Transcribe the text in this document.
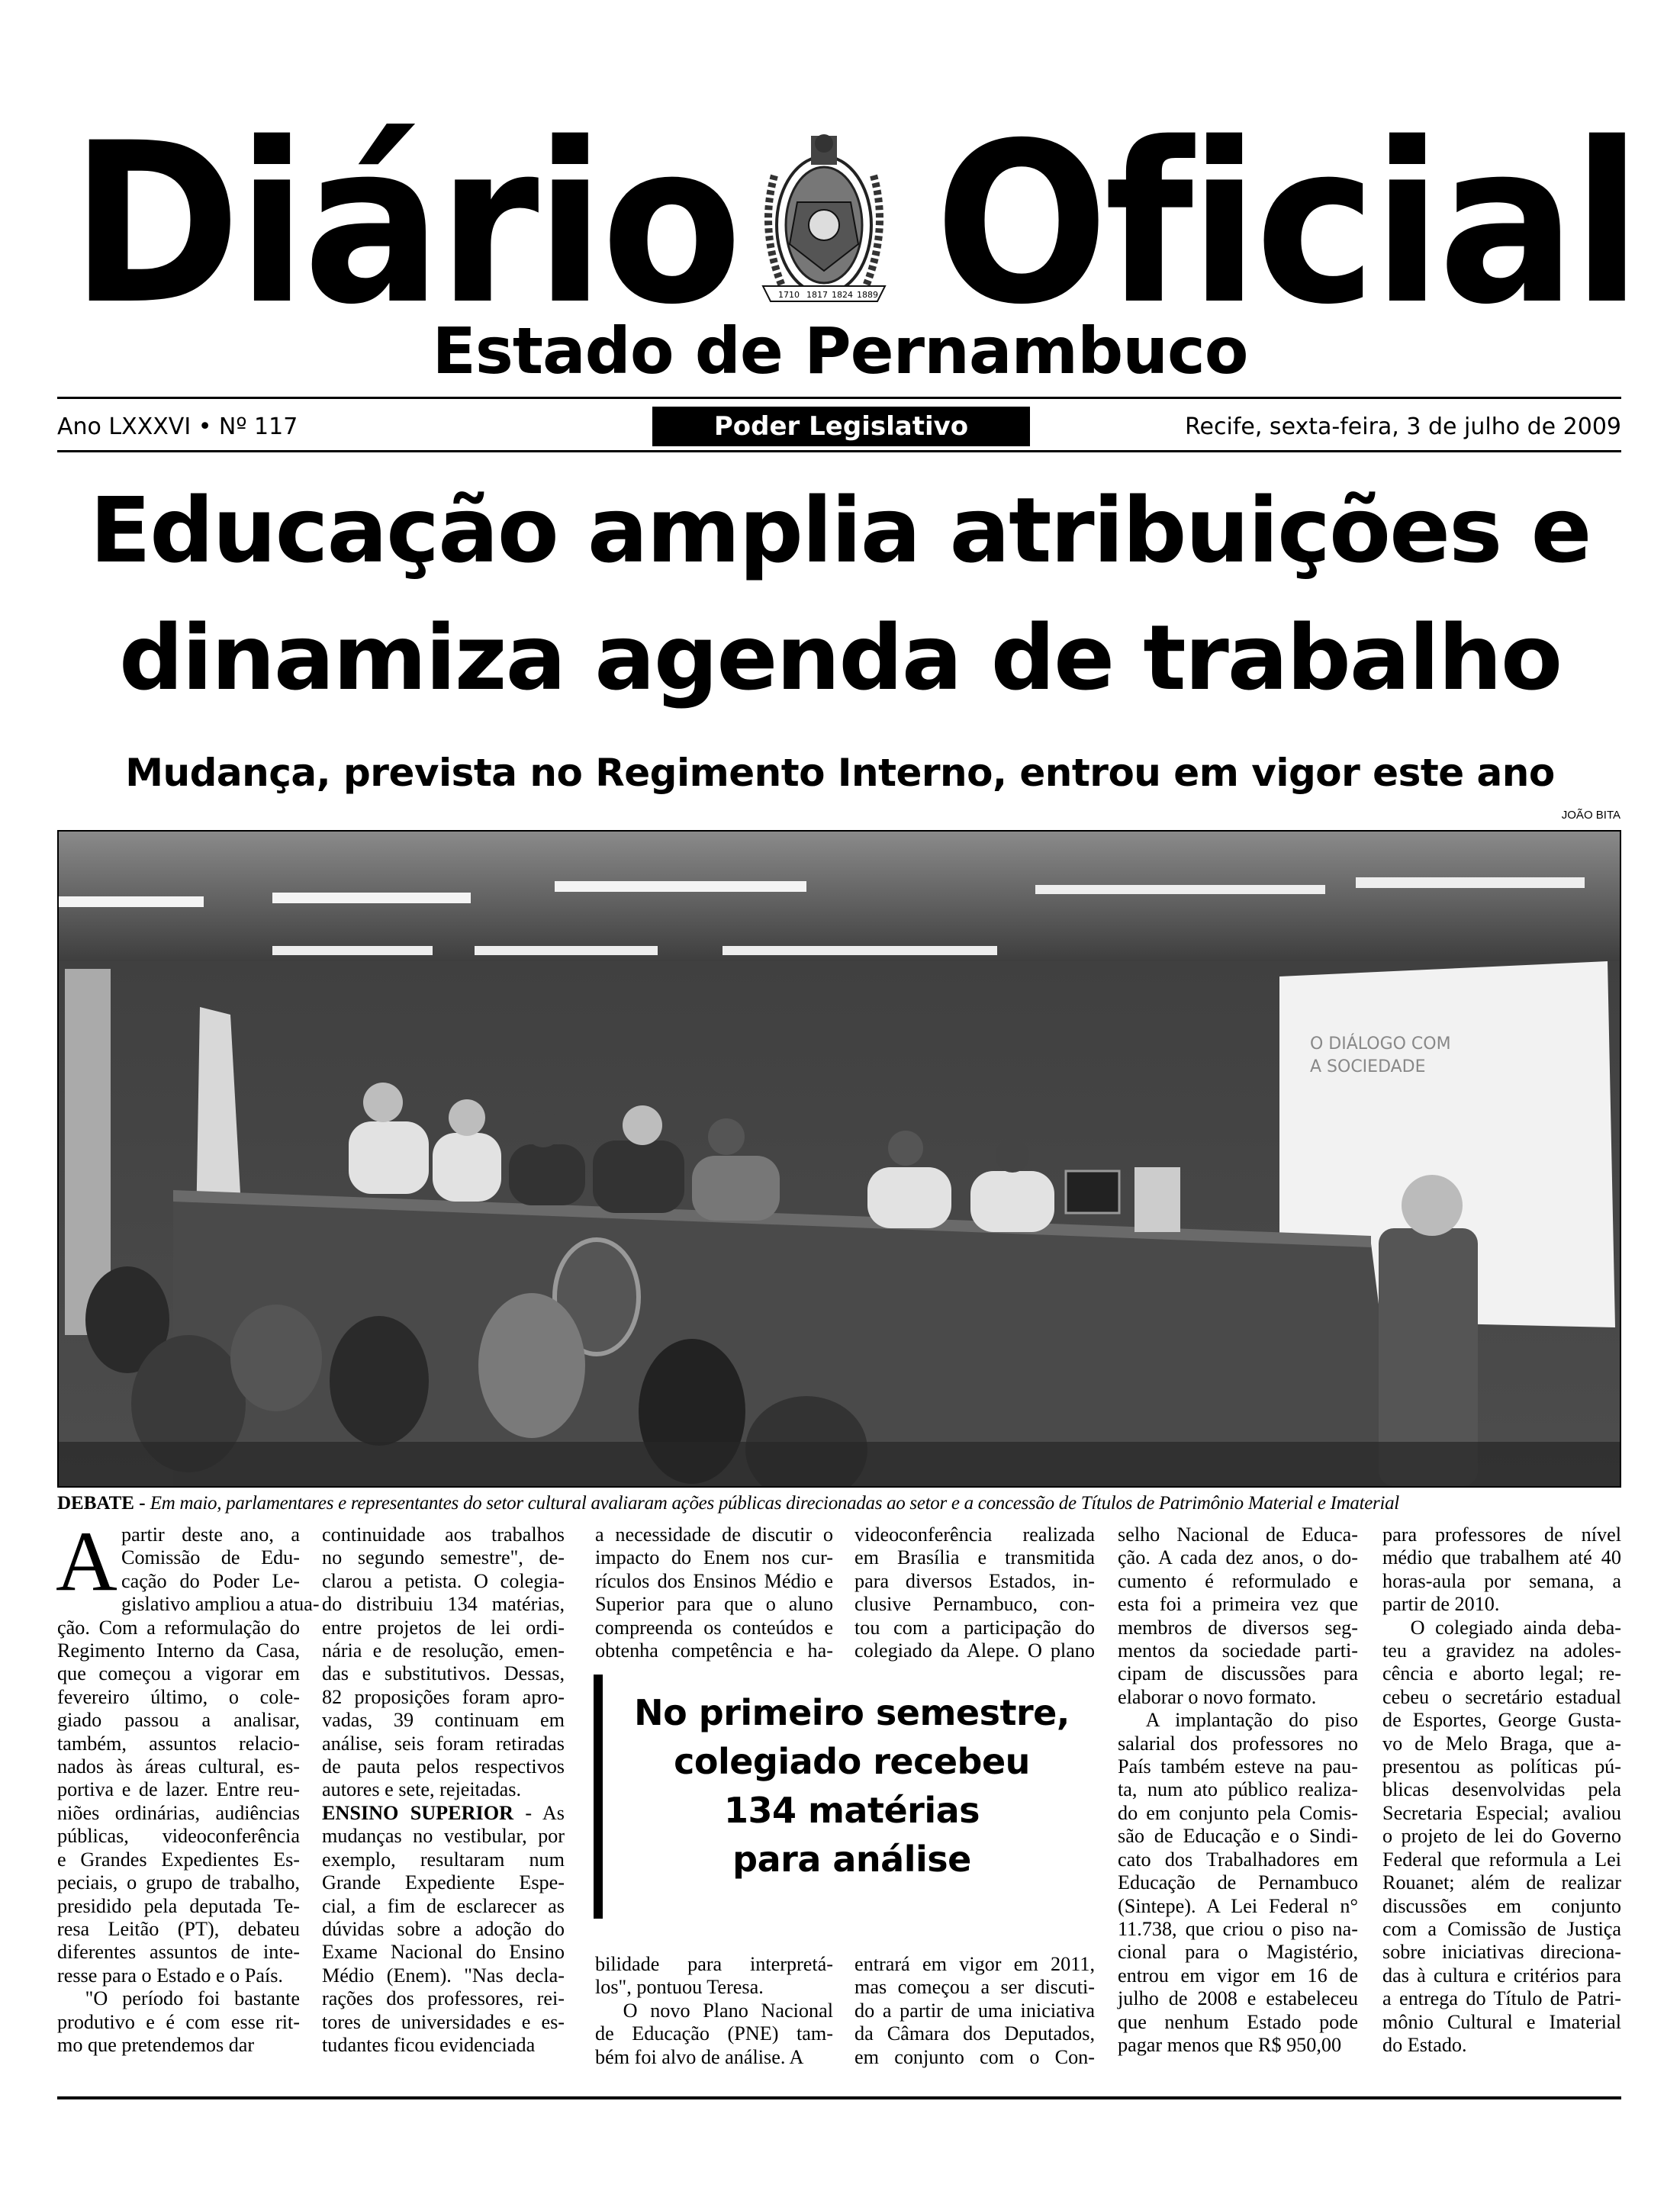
Diário	1710 1817 1824 1889 Oficial
Estado de Pernambuco
Ano LXXXVI • Nº 117	Poder Legislativo	Recife, sexta-feira, 3 de julho de 2009
Educação amplia atribuições e
dinamiza agenda de trabalho
Mudança, prevista no Regimento Interno, entrou em vigor este ano
JOÃO BITA
O DIÁLOGO COM
A SOCIEDADE
DEBATE - Em maio, parlamentares e representantes do setor cultural avaliaram ações públicas direcionadas ao setor e a concessão de Títulos de Patrimônio Material e Imaterial
A partir deste ano, a
Comissão de Edu-
cação do Poder Le-
gislativo ampliou a atua-
ção. Com a reformulação do
Regimento Interno da Casa,
que começou a vigorar em
fevereiro último, o cole-
giado passou a analisar,
também, assuntos relacio-
nados às áreas cultural, es-
portiva e de lazer. Entre reu-
niões ordinárias, audiências
públicas, videoconferência
e Grandes Expedientes Es-
peciais, o grupo de trabalho,
presidido pela deputada Te-
resa Leitão (PT), debateu
diferentes assuntos de inte-
resse para o Estado e o País.
"O período foi bastante
produtivo e é com esse rit-
mo que pretendemos dar
continuidade aos trabalhos
no segundo semestre", de-
clarou a petista. O colegia-
do distribuiu 134 matérias,
entre projetos de lei ordi-
nária e de resolução, emen-
das e substitutivos. Dessas,
82 proposições foram apro-
vadas, 39 continuam em
análise, seis foram retiradas
de pauta pelos respectivos
autores e sete, rejeitadas.
ENSINO SUPERIOR - As
mudanças no vestibular, por
exemplo, resultaram num
Grande Expediente Espe-
cial, a fim de esclarecer as
dúvidas sobre a adoção do
Exame Nacional do Ensino
Médio (Enem). "Nas decla-
rações dos professores, rei-
tores de universidades e es-
tudantes ficou evidenciada
a necessidade de discutir o
impacto do Enem nos cur-
rículos dos Ensinos Médio e
Superior para que o aluno
compreenda os conteúdos e
obtenha competência e ha-
videoconferência realizada
em Brasília e transmitida
para diversos Estados, in-
clusive Pernambuco, con-
tou com a participação do
colegiado da Alepe. O plano
bilidade para interpretá-
los", pontuou Teresa.
O novo Plano Nacional
de Educação (PNE) tam-
bém foi alvo de análise. A
entrará em vigor em 2011,
mas começou a ser discuti-
do a partir de uma iniciativa
da Câmara dos Deputados,
em conjunto com o Con-
selho Nacional de Educa-
ção. A cada dez anos, o do-
cumento é reformulado e
esta foi a primeira vez que
membros de diversos seg-
mentos da sociedade parti-
cipam de discussões para
elaborar o novo formato.
A implantação do piso
salarial dos professores no
País também esteve na pau-
ta, num ato público realiza-
do em conjunto pela Comis-
são de Educação e o Sindi-
cato dos Trabalhadores em
Educação de Pernambuco
(Sintepe). A Lei Federal n°
11.738, que criou o piso na-
cional para o Magistério,
entrou em vigor em 16 de
julho de 2008 e estabeleceu
que nenhum Estado pode
pagar menos que R$ 950,00
para professores de nível
médio que trabalhem até 40
horas-aula por semana, a
partir de 2010.
O colegiado ainda deba-
teu a gravidez na adoles-
cência e aborto legal; re-
cebeu o secretário estadual
de Esportes, George Gusta-
vo de Melo Braga, que a-
presentou as políticas pú-
blicas desenvolvidas pela
Secretaria Especial; avaliou
o projeto de lei do Governo
Federal que reformula a Lei
Rouanet; além de realizar
discussões em conjunto
com a Comissão de Justiça
sobre iniciativas direciona-
das à cultura e critérios para
a entrega do Título de Patri-
mônio Cultural e Imaterial
do Estado.
No primeiro semestre,
colegiado recebeu
134 matérias
para análise
